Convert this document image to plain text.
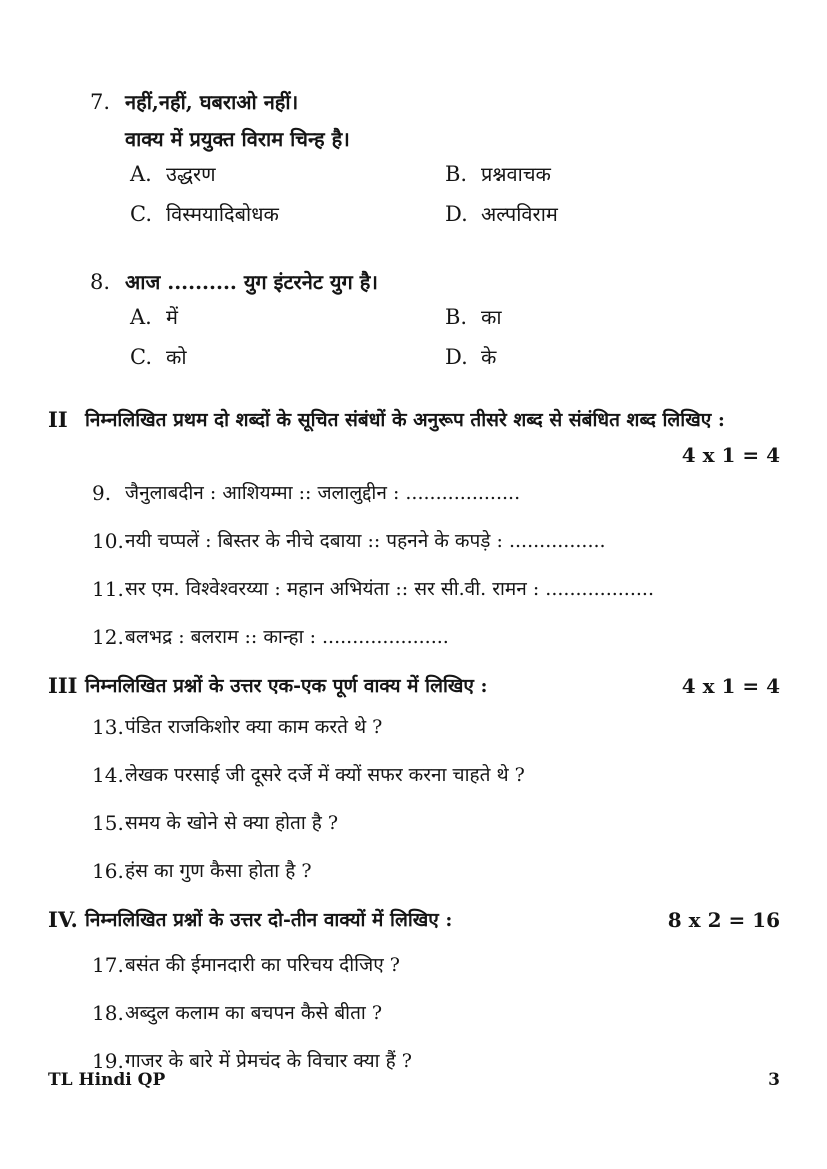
7. नहीं,नहीं, घबराओ नहीं।
वाक्य में प्रयुक्त विराम चिन्ह है।
A. उद्धरण	B. प्रश्नवाचक
C. विस्मयादिबोधक	D. अल्पविराम
8. आज .......... युग इंटरनेट युग है।
A. में	B. का
C. को	D. के
II निम्नलिखित प्रथम दो शब्दों के सूचित संबंधों के अनुरूप तीसरे शब्द से संबंधित शब्द लिखिए :
4 x 1 = 4
9. जैनुलाबदीन : आशियम्मा :: जलालुद्दीन : ...................
10. नयी चप्पलें : बिस्तर के नीचे दबाया :: पहनने के कपड़े : ................
11. सर एम. विश्वेश्वरय्या : महान अभियंता :: सर सी.वी. रामन : ..................
12. बलभद्र : बलराम :: कान्हा : .....................
III निम्नलिखित प्रश्नों के उत्तर एक-एक पूर्ण वाक्य में लिखिए :	4 x 1 = 4
13. पंडित राजकिशोर क्या काम करते थे ?
14. लेखक परसाई जी दूसरे दर्जे में क्यों सफर करना चाहते थे ?
15. समय के खोने से क्या होता है ?
16. हंस का गुण कैसा होता है ?
IV. निम्नलिखित प्रश्नों के उत्तर दो-तीन वाक्यों में लिखिए :	8 x 2 = 16
17. बसंत की ईमानदारी का परिचय दीजिए ?
18. अब्दुल कलाम का बचपन कैसे बीता ?
19. गाजर के बारे में प्रेमचंद के विचार क्या हैं ?
TL Hindi QP	3
